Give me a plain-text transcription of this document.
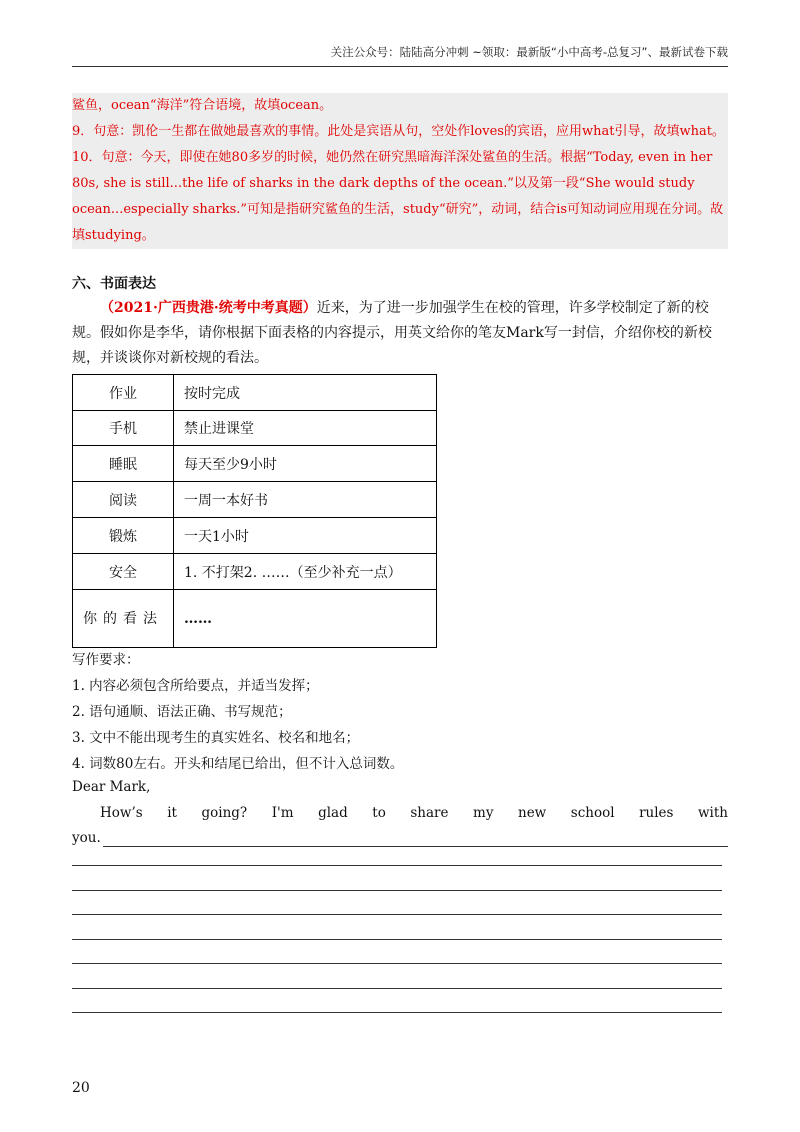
关注公众号：陆陆高分冲刺 ~领取：最新版“小中高考-总复习”、最新试卷下载

鲨鱼，ocean“海洋”符合语境，故填ocean。

9．句意：凯伦一生都在做她最喜欢的事情。此处是宾语从句，空处作loves的宾语，应用what引导，故填what。

10．句意：今天，即使在她80多岁的时候，她仍然在研究黑暗海洋深处鲨鱼的生活。根据“Today, even in her 80s, she is still...the life of sharks in the dark depths of the ocean.”以及第一段“She would study ocean...especially sharks.”可知是指研究鲨鱼的生活，study“研究”，动词，结合is可知动词应用现在分词。故填studying。

六、书面表达

（2021·广西贵港·统考中考真题）近来，为了进一步加强学生在校的管理，许多学校制定了新的校规。假如你是李华，请你根据下面表格的内容提示，用英文给你的笔友Mark写一封信，介绍你校的新校规，并谈谈你对新校规的看法。

作业	按时完成
手机	禁止进课堂
睡眠	每天至少9小时
阅读	一周一本好书
锻炼	一天1小时
安全	1. 不打架2. ……（至少补充一点）
你的看法	……

写作要求：

1. 内容必须包含所给要点，并适当发挥；

2. 语句通顺、语法正确、书写规范；

3. 文中不能出现考生的真实姓名、校名和地名；

4. 词数80左右。开头和结尾已给出，但不计入总词数。

Dear Mark,
How’s it going? I'm glad to share my new school rules with
you.
20
